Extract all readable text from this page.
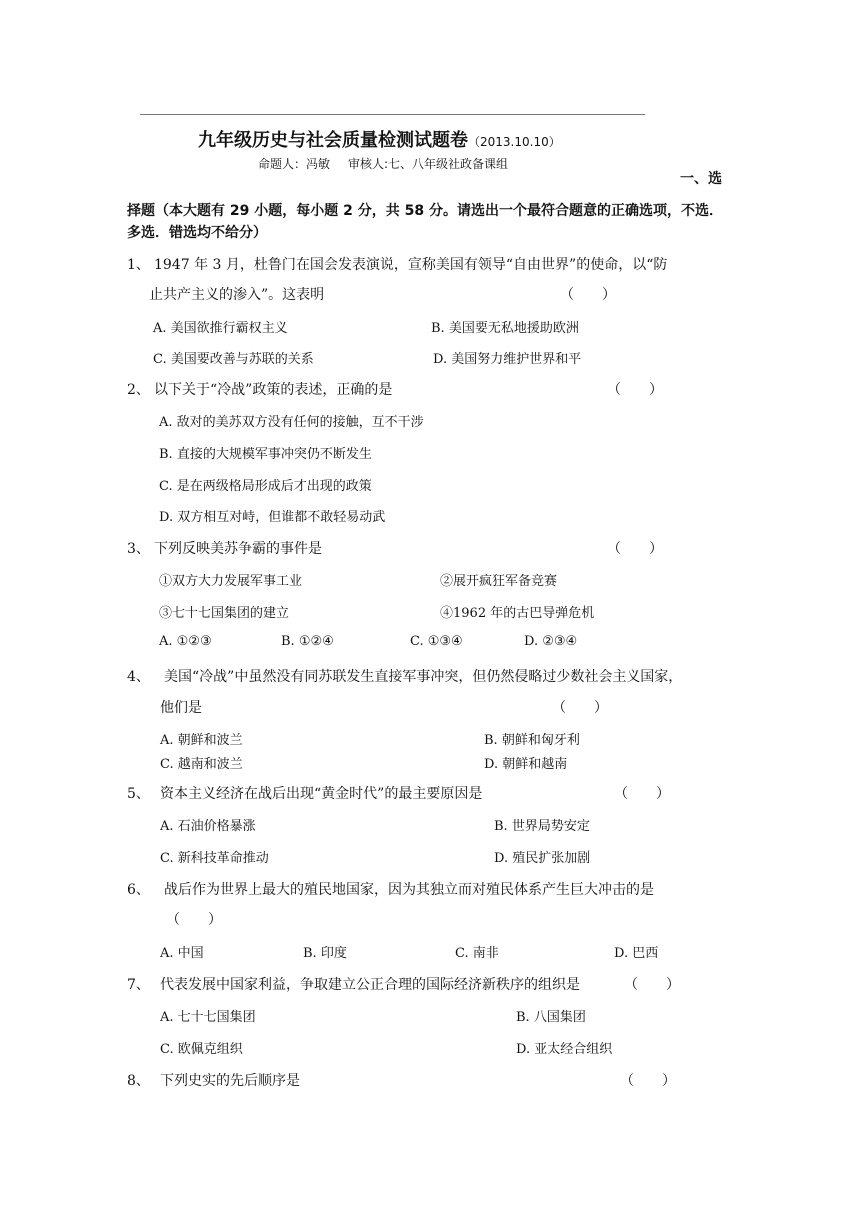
九年级历史与社会质量检测试题卷（2013.10.10）
命题人：冯敏 审核人:七、八年级社政备课组
一、选
择题（本大题有 29 小题，每小题 2 分，共 58 分。请选出一个最符合题意的正确选项，不选．多选．错选均不给分）
1、 1947 年 3 月，杜鲁门在国会发表演说，宣称美国有领导“自由世界”的使命，以“防
止共产主义的渗入”。这表明	（　　）
A. 美国欲推行霸权主义	B. 美国要无私地援助欧洲
C. 美国要改善与苏联的关系	D. 美国努力维护世界和平
2、 以下关于“冷战”政策的表述，正确的是	（　　）
A. 敌对的美苏双方没有任何的接触，互不干涉
B. 直接的大规模军事冲突仍不断发生
C. 是在两级格局形成后才出现的政策
D. 双方相互对峙，但谁都不敢轻易动武
3、 下列反映美苏争霸的事件是	（　　）
①双方大力发展军事工业	②展开疯狂军备竞赛
③七十七国集团的建立	④1962 年的古巴导弹危机
A. ①②③	B. ①②④	C. ①③④	D. ②③④
4、 美国“冷战”中虽然没有同苏联发生直接军事冲突，但仍然侵略过少数社会主义国家，
他们是	（　　）
A. 朝鲜和波兰	B. 朝鲜和匈牙利
C. 越南和波兰	D. 朝鲜和越南
5、 资本主义经济在战后出现“黄金时代”的最主要原因是	（　　）
A. 石油价格暴涨	B. 世界局势安定
C. 新科技革命推动	D. 殖民扩张加剧
6、 战后作为世界上最大的殖民地国家，因为其独立而对殖民体系产生巨大冲击的是
（　　）
A. 中国	B. 印度	C. 南非	D. 巴西
7、 代表发展中国家利益，争取建立公正合理的国际经济新秩序的组织是	（　　）
A. 七十七国集团	B. 八国集团
C. 欧佩克组织	D. 亚太经合组织
8、 下列史实的先后顺序是	（　　）
